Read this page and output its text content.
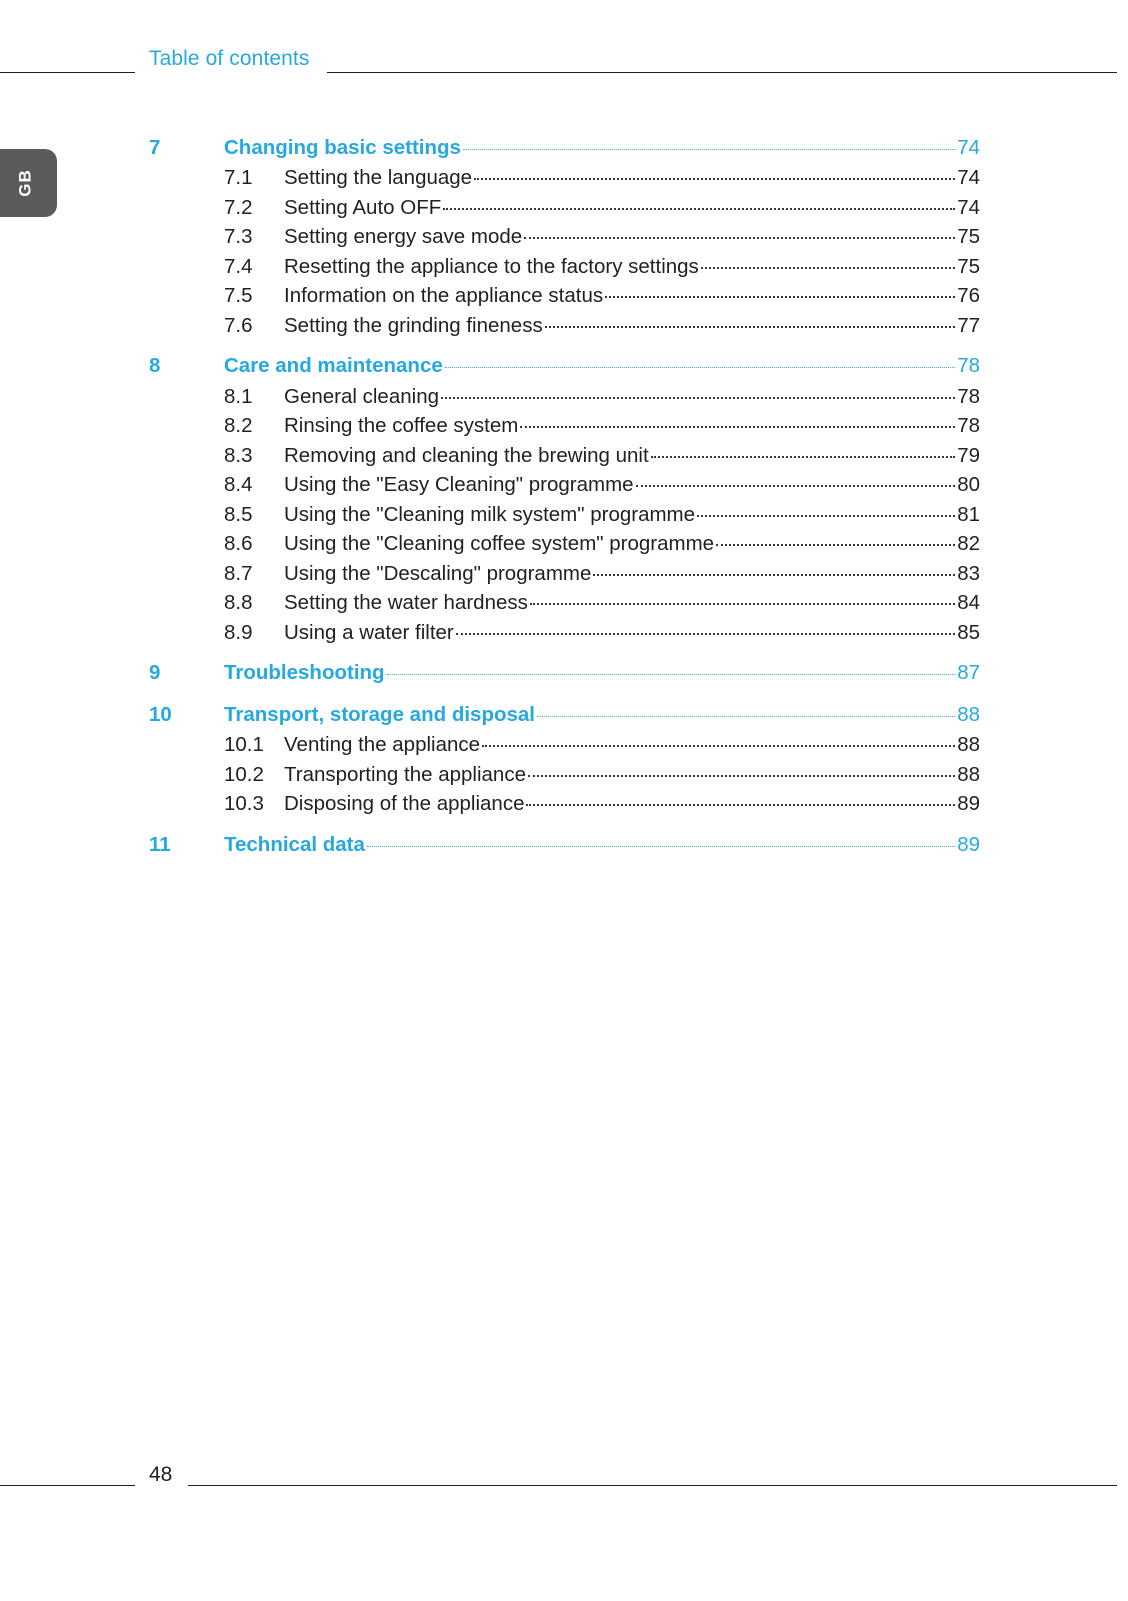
Table of contents
GB
7	Changing basic settings	74
7.1	Setting the language	74
7.2	Setting Auto OFF	74
7.3	Setting energy save mode	75
7.4	Resetting the appliance to the factory settings	75
7.5	Information on the appliance status	76
7.6	Setting the grinding fineness	77
8	Care and maintenance	78
8.1	General cleaning	78
8.2	Rinsing the coffee system	78
8.3	Removing and cleaning the brewing unit	79
8.4	Using the "Easy Cleaning" programme	80
8.5	Using the "Cleaning milk system" programme	81
8.6	Using the "Cleaning coffee system" programme	82
8.7	Using the "Descaling" programme	83
8.8	Setting the water hardness	84
8.9	Using a water filter	85
9	Troubleshooting	87
10	Transport, storage and disposal	88
10.1 Venting the appliance	88
10.2 Transporting the appliance	88
10.3 Disposing of the appliance	89
11	Technical data	89
48
